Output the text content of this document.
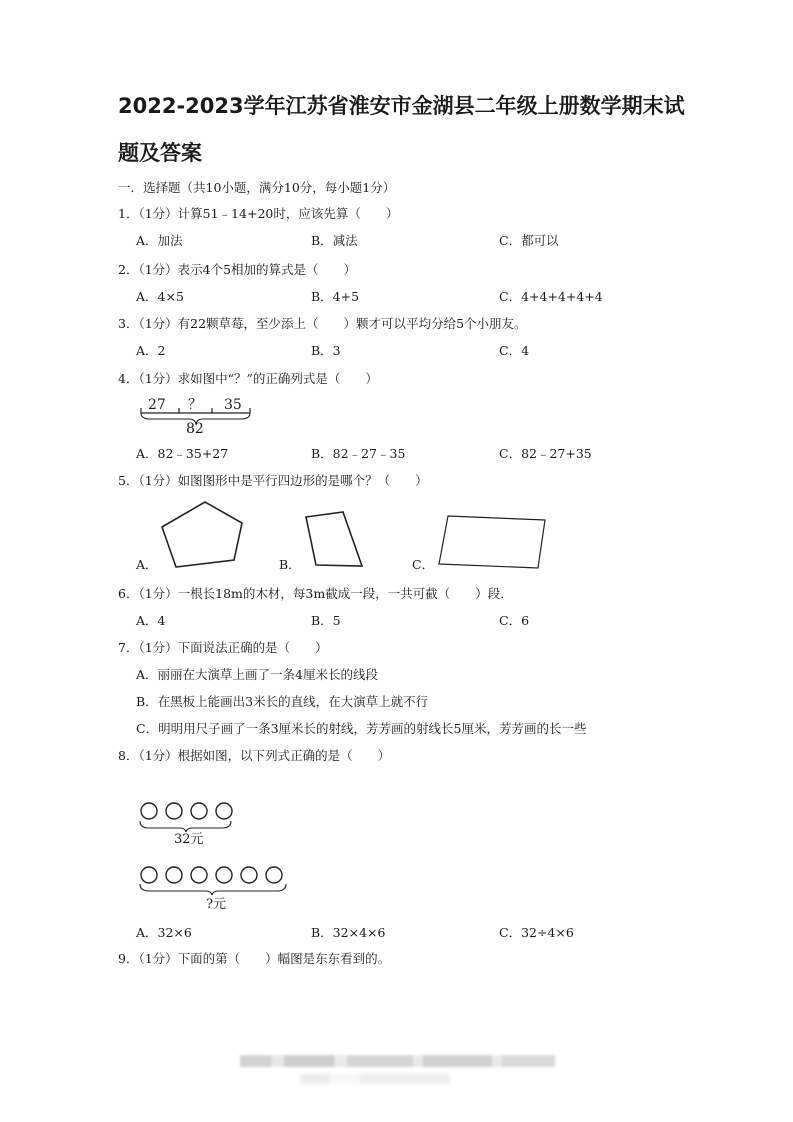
2022-2023学年江苏省淮安市金湖县二年级上册数学期末试
题及答案
一．选择题（共10小题，满分10分，每小题1分）
1．（1分）计算51﹣14+20时，应该先算（　　）
A．加法	B．减法	C．都可以
2．（1分）表示4个5相加的算式是（　　）
A．4×5	B．4+5	C．4+4+4+4+4
3．（1分）有22颗草莓，至少添上（　　）颗才可以平均分给5个小朋友。
A．2	B．3	C．4
4．（1分）求如图中“？”的正确列式是（　　）
27 ？ 35
82
A．82﹣35+27	B．82﹣27﹣35	C．82﹣27+35
5．（1分）如图图形中是平行四边形的是哪个？（　　）
A．	B．	C．
6．（1分）一根长18m的木材，每3m截成一段，一共可截（　　）段．
A．4	B．5	C．6
7．（1分）下面说法正确的是（　　）
A．丽丽在大演草上画了一条4厘米长的线段
B．在黑板上能画出3米长的直线，在大演草上就不行
C．明明用尺子画了一条3厘米长的射线，芳芳画的射线长5厘米，芳芳画的长一些
8．（1分）根据如图，以下列式正确的是（　　）
32元
?元
A．32×6	B．32×4×6	C．32÷4×6
9．（1分）下面的第（　　）幅图是东东看到的。
